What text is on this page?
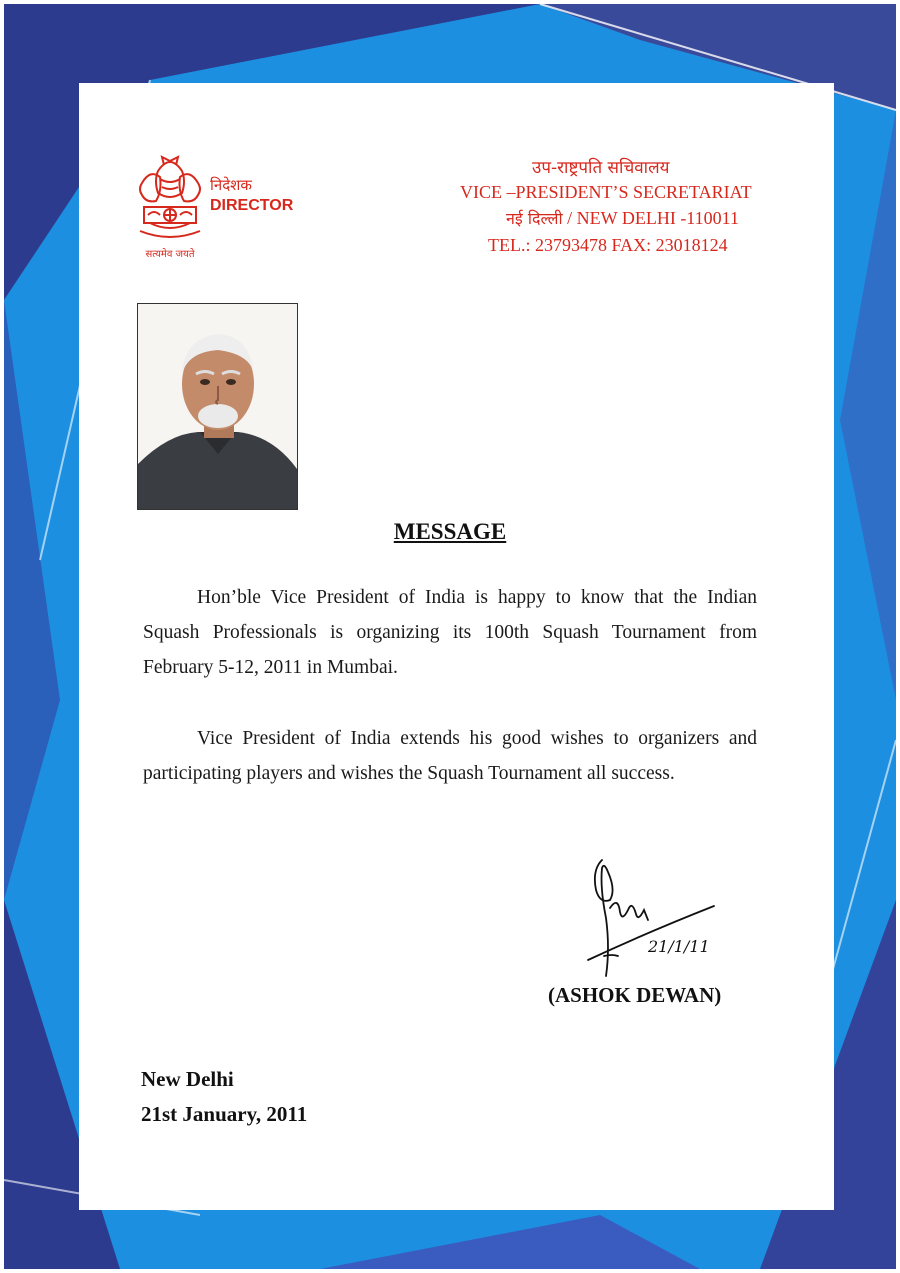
सत्यमेव जयते
निदेशक
DIRECTOR
उप-राष्ट्रपति सचिवालय
VICE –PRESIDENT’S SECRETARIAT
नई दिल्ली / NEW DELHI -110011
TEL.: 23793478 FAX: 23018124
MESSAGE

Hon’ble Vice President of India is happy to know that the Indian Squash Professionals is organizing its 100th Squash Tournament from February 5-12, 2011 in Mumbai.

Vice President of India extends his good wishes to organizers and participating players and wishes the Squash Tournament all success.

21/1/11
(ASHOK DEWAN)
New Delhi
21st January, 2011
